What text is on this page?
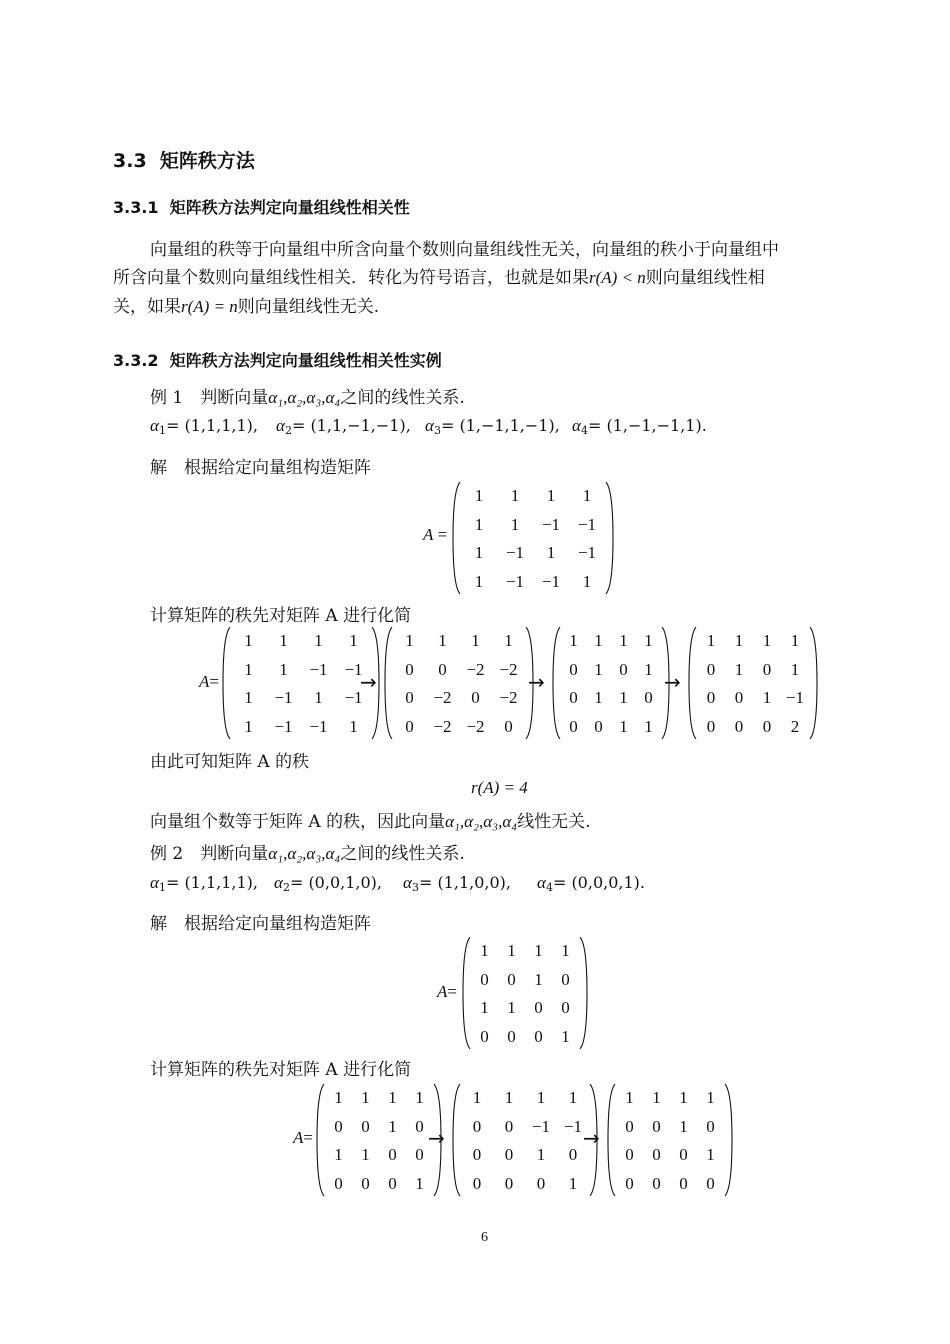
3.3 矩阵秩方法
3.3.1 矩阵秩方法判定向量组线性相关性
向量组的秩等于向量组中所含向量个数则向量组线性无关，向量组的秩小于向量组中
所含向量个数则向量组线性相关．转化为符号语言，也就是如果r(A) < n则向量组线性相
关，如果r(A) = n则向量组线性无关.
3.3.2 矩阵秩方法判定向量组线性相关性实例
例 1　判断向量α₁,α₂,α₃,α₄之间的线性关系.
$\alpha_1= (1,1,1,1)$, $\alpha_2= (1,1,-1,-1)$, $\alpha_3= (1,-1,1,-1)$, $\alpha_4= (1,-1,-1,1)$.
解　根据给定向量组构造矩阵
A =
1	1	1	1
1	1	−1	−1
1	−1	1	−1
1	−1	−1	1
计算矩阵的秩先对矩阵 A 进行化简
A=
1	1	1	1
1	1	−1 −1
1	−1	1	−1
1	−1 −1	1
→
1	1	1	1
0	0	−2 −2
0	−2	0	−2
0	−2 −2	0
→
1 1 1 1
0 1 0 1
0 1 1 0
0 0 1 1
→
1	1	1	1
0	1	0	1
0	0	1 −1
0	0	0	2
由此可知矩阵 A 的秩
r(A) = 4
向量组个数等于矩阵 A 的秩，因此向量α₁,α₂,α₃,α₄线性无关.
例 2　判断向量α₁,α₂,α₃,α₄之间的线性关系.
$\alpha_1= (1,1,1,1)$, $\alpha_2= (0,0,1,0)$, $\alpha_3= (1,1,0,0)$, $\alpha_4= (0,0,0,1)$.
解　根据给定向量组构造矩阵
A=
1	1	1	1
0	0	1	0
1	1	0	0
0	0	0	1
计算矩阵的秩先对矩阵 A 进行化简
A=
1	1	1	1
0	0	1	0
1	1	0	0
0	0	0	1
→
1	1	1	1
0	0	−1 −1
0	0	1	0
0	0	0	1
→
1	1	1	1
0	0	1	0
0	0	0	1
0	0	0	0
6
